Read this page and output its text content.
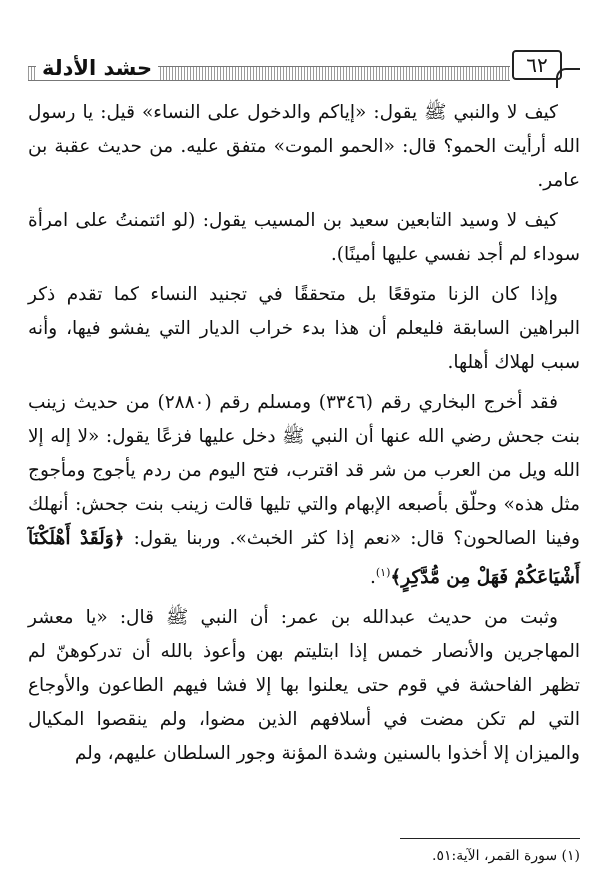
حشد الأدلة	٦٢

كيف لا والنبي ﷺ يقول: «إياكم والدخول على النساء» قيل: يا رسول الله أرأيت الحمو؟ قال: «الحمو الموت» متفق عليه. من حديث عقبة بن عامر.

كيف لا وسيد التابعين سعيد بن المسيب يقول: (لو ائتمنتُ على امرأة سوداء لم أجد نفسي عليها أمينًا).

وإذا كان الزنا متوقعًا بل متحققًا في تجنيد النساء كما تقدم ذكر البراهين السابقة فليعلم أن هذا بدء خراب الديار التي يفشو فيها، وأنه سبب لهلاك أهلها.

فقد أخرج البخاري رقم (٣٣٤٦) ومسلم رقم (٢٨٨٠) من حديث زينب بنت جحش رضي الله عنها أن النبي ﷺ دخل عليها فزعًا يقول: «لا إله إلا الله ويل من العرب من شر قد اقترب، فتح اليوم من ردم يأجوج ومأجوج مثل هذه» وحلّق بأصبعه الإبهام والتي تليها قالت زينب بنت جحش: أنهلك وفينا الصالحون؟ قال: «نعم إذا كثر الخبث». وربنا يقول: ﴿وَلَقَدْ أَهْلَكْنَآ أَشْيَاعَكُمْ فَهَلْ مِن مُّدَّكِرٍ﴾$^{(١)}$.

وثبت من حديث عبدالله بن عمر: أن النبي ﷺ قال: «يا معشر المهاجرين والأنصار خمس إذا ابتليتم بهن وأعوذ بالله أن تدركوهنّ لم تظهر الفاحشة في قوم حتى يعلنوا بها إلا فشا فيهم الطاعون والأوجاع التي لم تكن مضت في أسلافهم الذين مضوا، ولم ينقصوا المكيال والميزان إلا أخذوا بالسنين وشدة المؤنة وجور السلطان عليهم، ولم

(١) سورة القمر، الآية:٥١.
